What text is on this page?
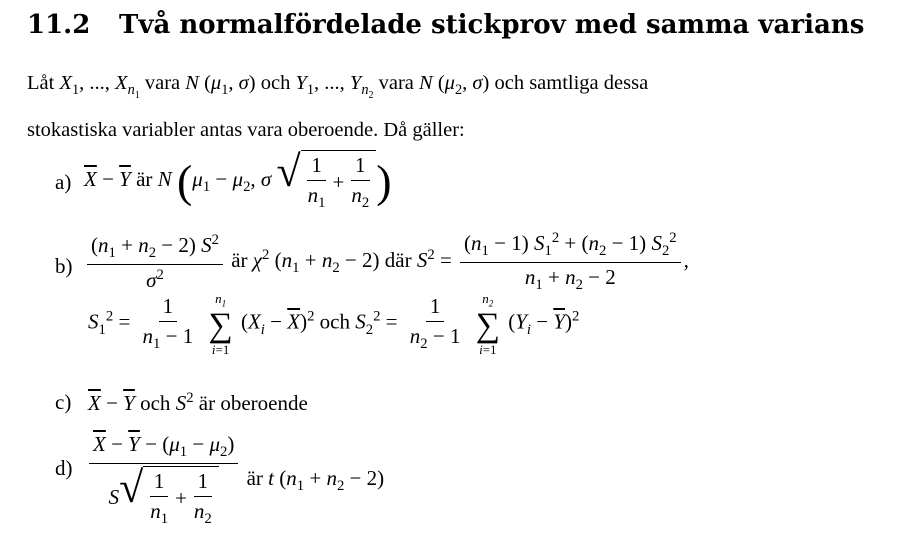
11.2 Två normalfördelade stickprov med samma varians
Låt $X_1$, ..., $X_{n_1}$ vara N ($\mu_1$, σ) och $Y_1$, ..., $Y_{n_2}$ vara N ($\mu_2$, σ) och samtliga dessa
stokastiska variabler antas vara oberoende. Då gäller:
a) $\overline{X} - \overline{Y}$ är N ($\mu_1 - \mu_2$, σ √ $\frac{1}{n_1} + \frac{1}{n_2}$ )
$b) \frac{(n_1 + n_2 - 2) S^2}{\sigma^2}$ är $\chi^2$ $(n_1 + n_2 - 2)$ där $S^2 = \frac{(n_1 - 1) S_1^2 + (n_2 - 1) S_2^2}{n_1 + n_2 - 2}$ ,
$S_1^2 = \frac{1}{n_1 - 1}$
$n_1$
∑
i=1
$(X_i - \overline{X})^2$ och $S_2^2 = \frac{1}{n_2 - 1}$
$n_2$
∑
i=1
$(Y_i - \overline{Y})^2$
c) $\overline{X} - \overline{Y}$ och $S^2$ är oberoende
$d) \frac{\overline{X} - \overline{Y} - (\mu_1 - \mu_2)}{S √ \frac{1}{n_1} + \frac{1}{n_2}}$ är t $(n_1 + n_2 - 2)$
